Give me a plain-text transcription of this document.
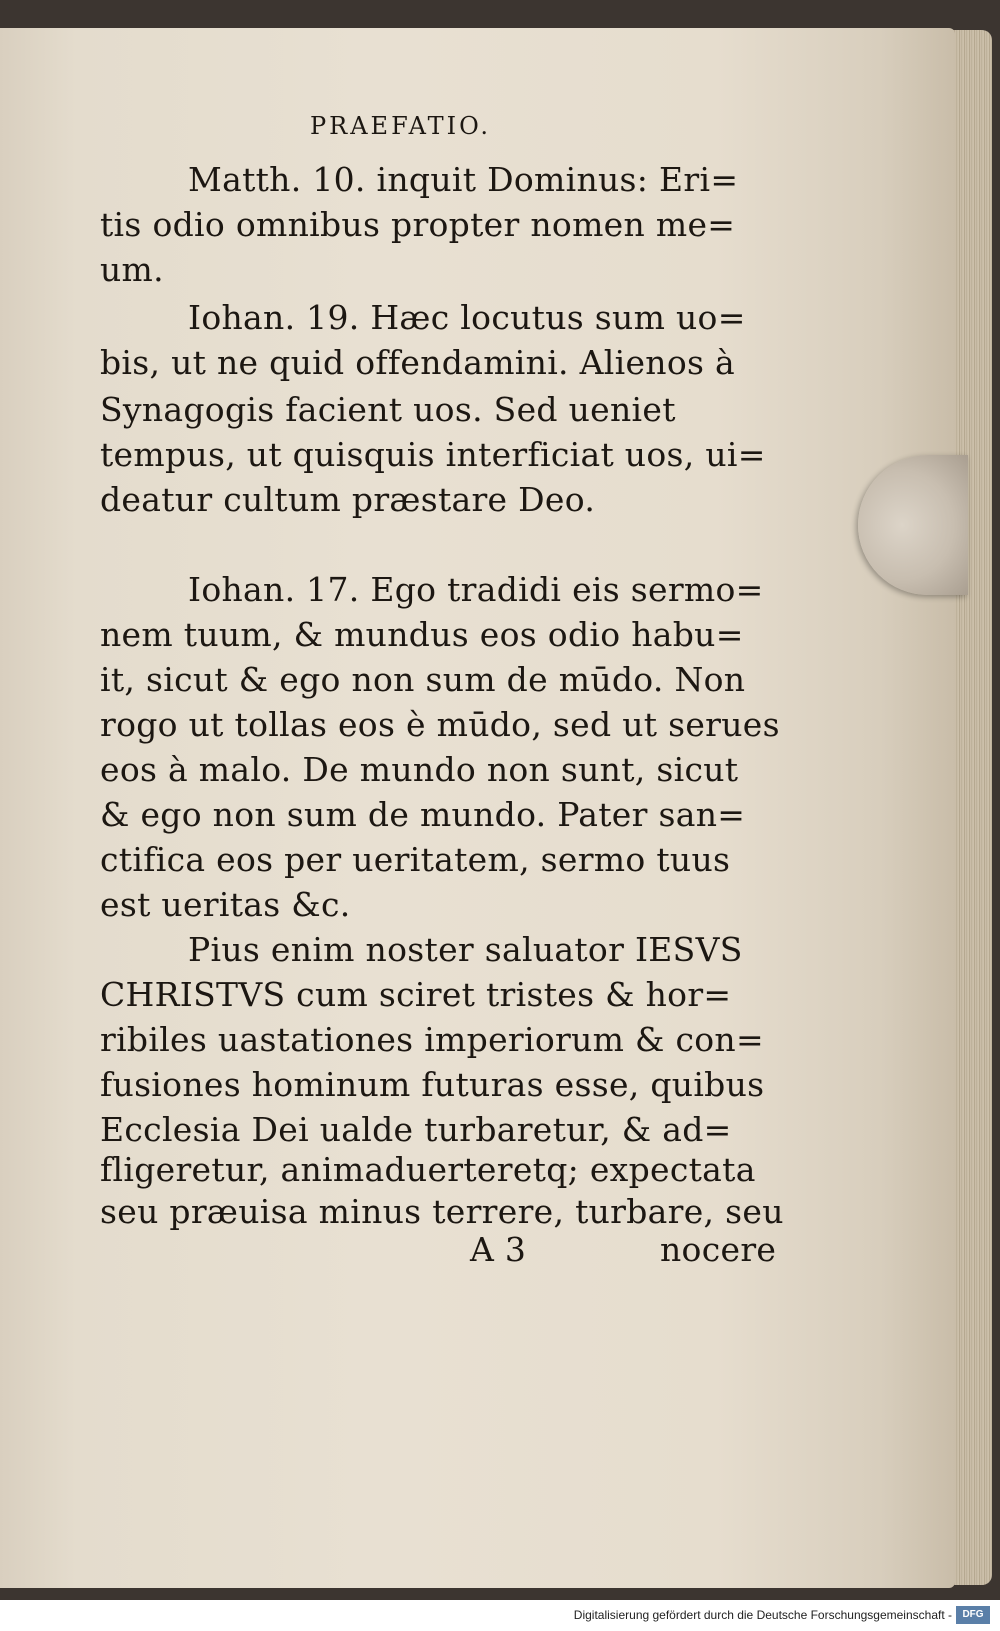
PRAEFATIO.
Matth. 10. inquit Dominus: Eri=
tis odio omnibus propter nomen me=
um.
Iohan. 19. Hæc locutus sum uo=
bis, ut ne quid offendamini. Alienos à
Synagogis facient uos. Sed ueniet
tempus, ut quisquis interficiat uos, ui=
deatur cultum præstare Deo.
Iohan. 17. Ego tradidi eis sermo=
nem tuum, & mundus eos odio habu=
it, sicut & ego non sum de mūdo. Non
rogo ut tollas eos è mūdo, sed ut serues
eos à malo. De mundo non sunt, sicut
& ego non sum de mundo. Pater san=
ctifica eos per ueritatem, sermo tuus
est ueritas &c.
Pius enim noster saluator IESVS
CHRISTVS cum sciret tristes & hor=
ribiles uastationes imperiorum & con=
fusiones hominum futuras esse, quibus
Ecclesia Dei ualde turbaretur, & ad=
fligeretur, animaduerteretq; expectata
seu præuisa minus terrere, turbare, seu
A 3	nocere
Digitalisierung gefördert durch die Deutsche Forschungsgemeinschaft -	DFG
